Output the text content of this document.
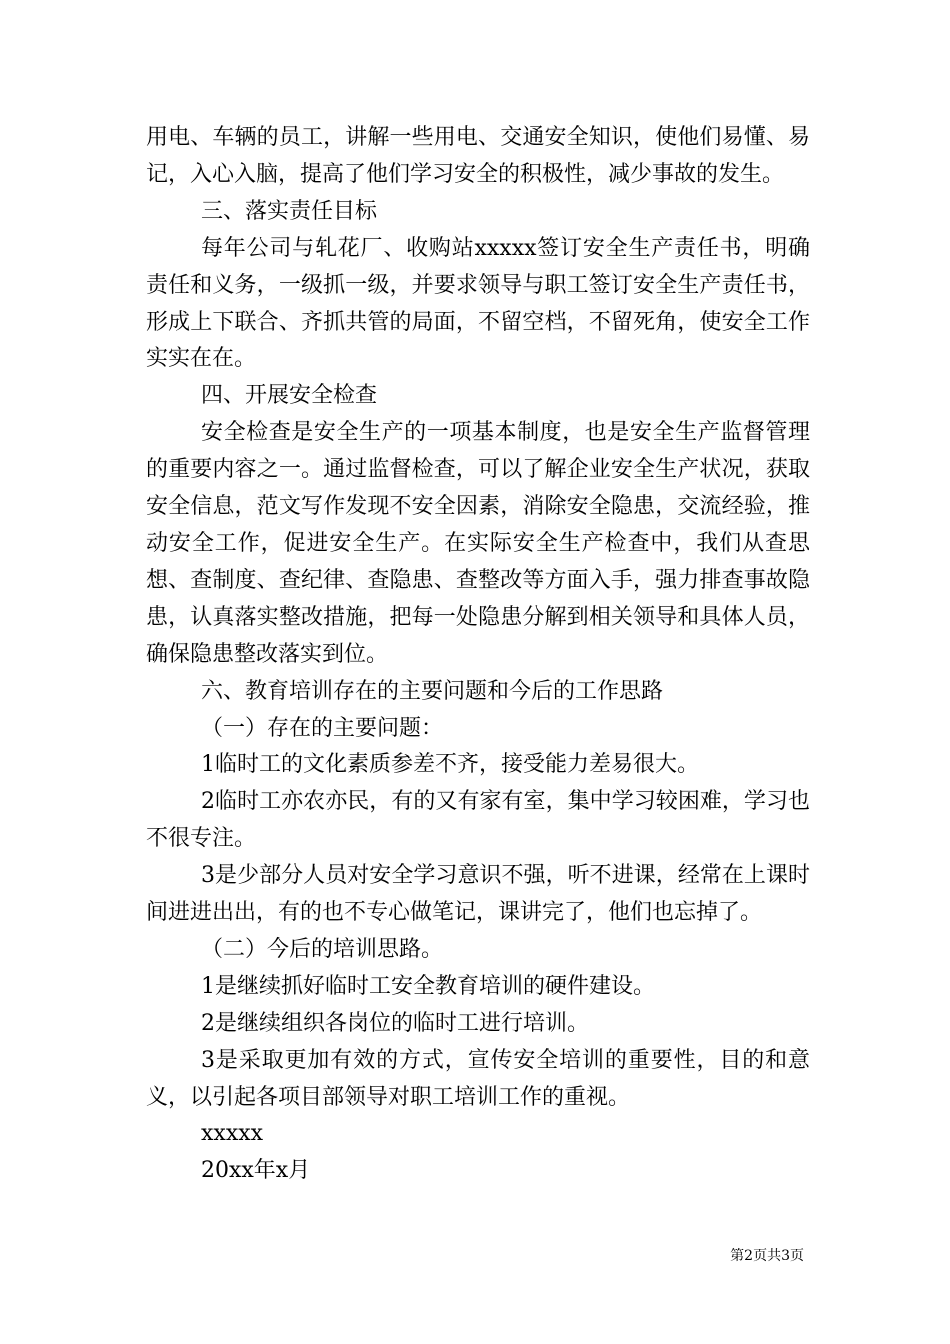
用电、车辆的员工，讲解一些用电、交通安全知识，使他们易懂、易记，入心入脑，提高了他们学习安全的积极性，减少事故的发生。

三、落实责任目标

每年公司与轧花厂、收购站xxxxx签订安全生产责任书，明确责任和义务，一级抓一级，并要求领导与职工签订安全生产责任书，形成上下联合、齐抓共管的局面，不留空档，不留死角，使安全工作实实在在。

四、开展安全检查

安全检查是安全生产的一项基本制度，也是安全生产监督管理的重要内容之一。通过监督检查，可以了解企业安全生产状况，获取安全信息，范文写作发现不安全因素，消除安全隐患，交流经验，推动安全工作，促进安全生产。在实际安全生产检查中，我们从查思想、查制度、查纪律、查隐患、查整改等方面入手，强力排查事故隐患，认真落实整改措施，把每一处隐患分解到相关领导和具体人员，确保隐患整改落实到位。

六、教育培训存在的主要问题和今后的工作思路

（一）存在的主要问题：

1临时工的文化素质参差不齐，接受能力差易很大。

2临时工亦农亦民，有的又有家有室，集中学习较困难，学习也不很专注。

3是少部分人员对安全学习意识不强，听不进课，经常在上课时间进进出出，有的也不专心做笔记，课讲完了，他们也忘掉了。

（二）今后的培训思路。

1是继续抓好临时工安全教育培训的硬件建设。

2是继续组织各岗位的临时工进行培训。

3是采取更加有效的方式，宣传安全培训的重要性，目的和意义，以引起各项目部领导对职工培训工作的重视。

xxxxx

20xx年x月

第2页共3页
